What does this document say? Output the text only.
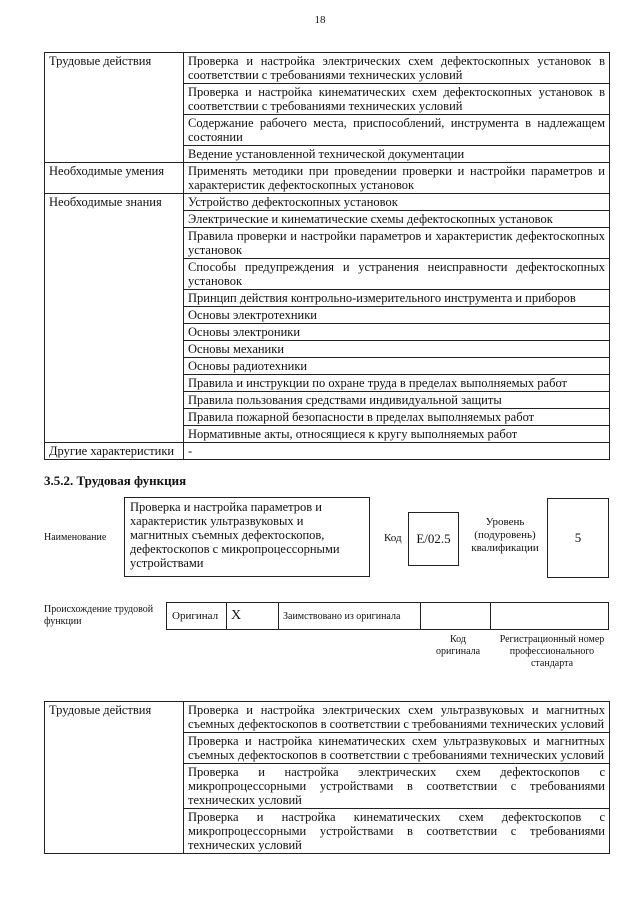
18
Трудовые действия	Проверка и настройка электрических схем дефектоскопных установок в соответствии с требованиями технических условий
	Проверка и настройка кинематических схем дефектоскопных установок в соответствии с требованиями технических условий
	Содержание рабочего места, приспособлений, инструмента в надлежащем состоянии
	Ведение установленной технической документации
Необходимые умения	Применять методики при проведении проверки и настройки параметров и характеристик дефектоскопных установок
Необходимые знания	Устройство дефектоскопных установок
	Электрические и кинематические схемы дефектоскопных установок
	Правила проверки и настройки параметров и характеристик дефектоскопных установок
	Способы предупреждения и устранения неисправности дефектоскопных установок
	Принцип действия контрольно-измерительного инструмента и приборов
	Основы электротехники
	Основы электроники
	Основы механики
	Основы радиотехники
	Правила и инструкции по охране труда в пределах выполняемых работ
	Правила пользования средствами индивидуальной защиты
	Правила пожарной безопасности в пределах выполняемых работ
	Нормативные акты, относящиеся к кругу выполняемых работ
Другие характеристики	-
3.5.2. Трудовая функция
Наименование
Проверка и настройка параметров и характеристик ультразвуковых и магнитных съемных дефектоскопов, дефектоскопов с микропроцессорными устройствами
Код	E/02.5
Уровень (подуровень) квалификации
5
Происхождение трудовой функции	Оригинал X	Заимствовано из оригинала
Код оригинала
Регистрационный номер профессионального стандарта
Трудовые действия	Проверка и настройка электрических схем ультразвуковых и магнитных съемных дефектоскопов в соответствии с требованиями технических условий
Проверка и настройка кинематических схем ультразвуковых и магнитных съемных дефектоскопов в соответствии с требованиями технических условий
Проверка и настройка электрических схем дефектоскопов с микропроцессорными устройствами в соответствии с требованиями технических условий
Проверка и настройка кинематических схем дефектоскопов с микропроцессорными устройствами в соответствии с требованиями технических условий
